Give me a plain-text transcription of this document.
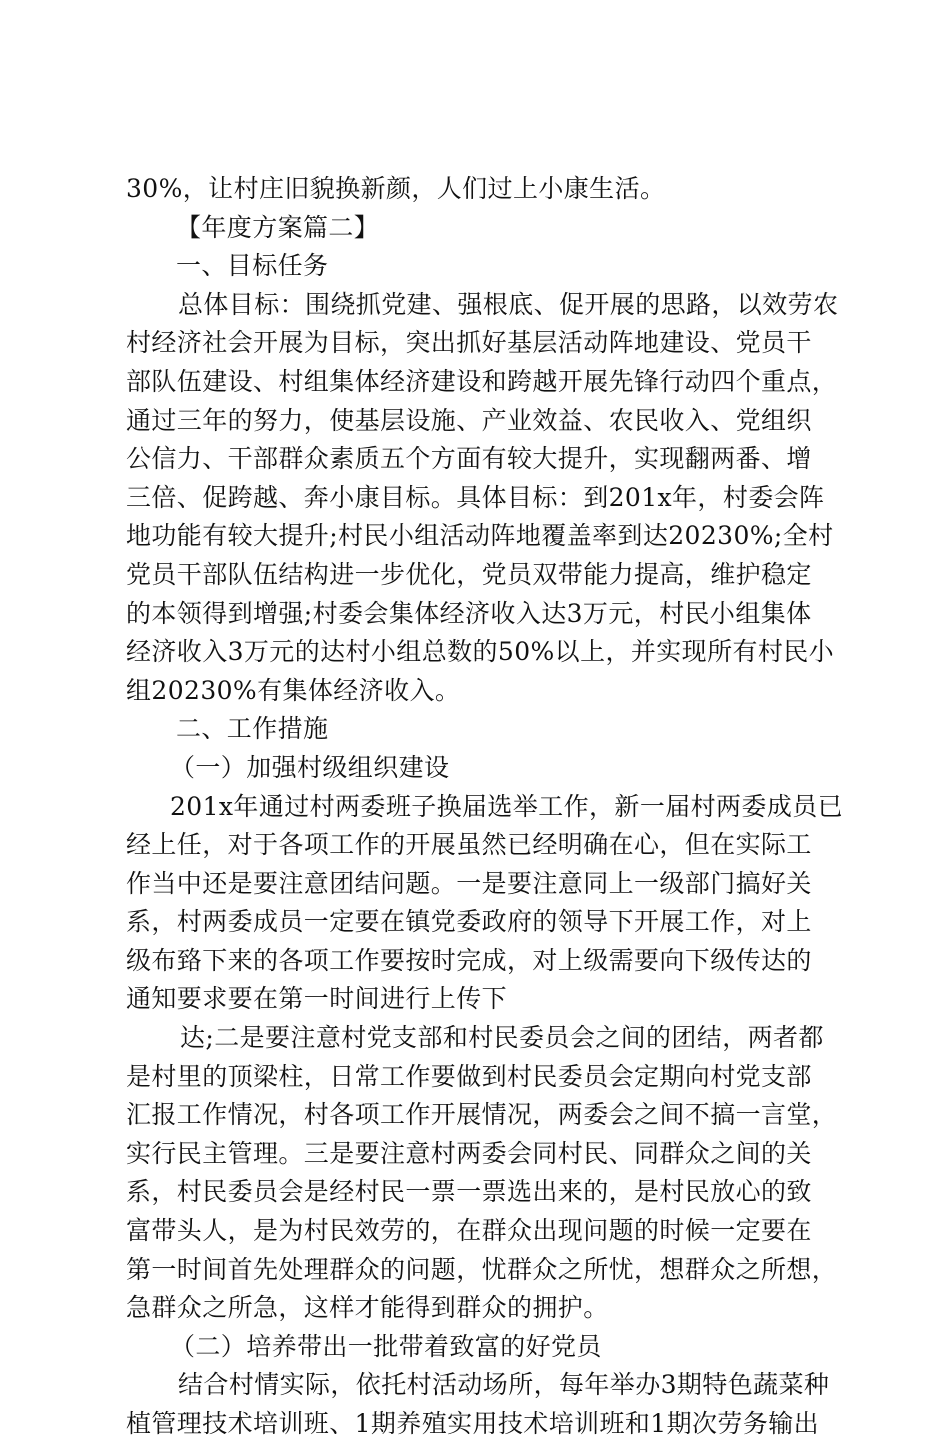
30%，让村庄旧貌换新颜，人们过上小康生活。
【年度方案篇二】
一、目标任务
总体目标：围绕抓党建、强根底、促开展的思路，以效劳农
村经济社会开展为目标，突出抓好基层活动阵地建设、党员干
部队伍建设、村组集体经济建设和跨越开展先锋行动四个重点，
通过三年的努力，使基层设施、产业效益、农民收入、党组织
公信力、干部群众素质五个方面有较大提升，实现翻两番、增
三倍、促跨越、奔小康目标。具体目标：到201x年，村委会阵
地功能有较大提升;村民小组活动阵地覆盖率到达20230%;全村
党员干部队伍结构进一步优化，党员双带能力提高，维护稳定
的本领得到增强;村委会集体经济收入达3万元，村民小组集体
经济收入3万元的达村小组总数的50%以上，并实现所有村民小
组20230%有集体经济收入。
二、工作措施
（一）加强村级组织建设
201x年通过村两委班子换届选举工作，新一届村两委成员已
经上任，对于各项工作的开展虽然已经明确在心，但在实际工
作当中还是要注意团结问题。一是要注意同上一级部门搞好关
系，村两委成员一定要在镇党委政府的领导下开展工作，对上
级布臵下来的各项工作要按时完成，对上级需要向下级传达的
通知要求要在第一时间进行上传下
达;二是要注意村党支部和村民委员会之间的团结，两者都
是村里的顶梁柱，日常工作要做到村民委员会定期向村党支部
汇报工作情况，村各项工作开展情况，两委会之间不搞一言堂，
实行民主管理。三是要注意村两委会同村民、同群众之间的关
系，村民委员会是经村民一票一票选出来的，是村民放心的致
富带头人，是为村民效劳的，在群众出现问题的时候一定要在
第一时间首先处理群众的问题，忧群众之所忧，想群众之所想，
急群众之所急，这样才能得到群众的拥护。
（二）培养带出一批带着致富的好党员
结合村情实际，依托村活动场所，每年举办3期特色蔬菜种
植管理技术培训班、1期养殖实用技术培训班和1期次劳务输出
